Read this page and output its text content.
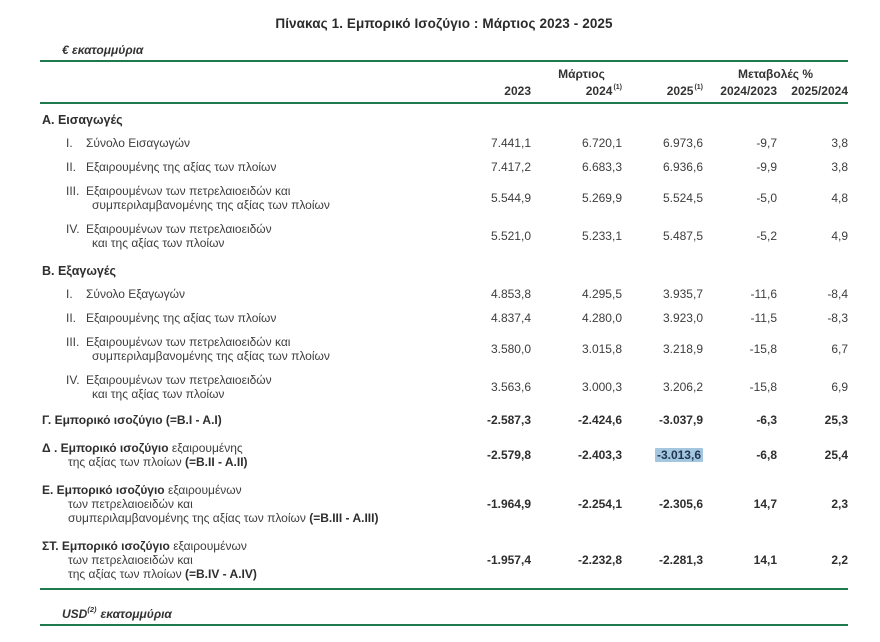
Πίνακας 1. Εμπορικό Ισοζύγιο : Μάρτιος 2023 - 2025
€ εκατομμύρια
Μάρτιος	Μεταβολές %
2023	2024$^{(1)}$	2025$^{(1)}$	2024/2023	2025/2024
Α. Εισαγωγές
I. Σύνολο Εισαγωγών	7.441,1	6.720,1	6.973,6	-9,7	3,8
II. Εξαιρουμένης της αξίας των πλοίων	7.417,2	6.683,3	6.936,6	-9,9	3,8
III. Εξαιρουμένων των πετρελαιοειδών και
συμπεριλαμβανομένης της αξίας των πλοίων	5.544,9	5.269,9	5.524,5	-5,0	4,8
IV. Εξαιρουμένων των πετρελαιοειδών
και της αξίας των πλοίων	5.521,0	5.233,1	5.487,5	-5,2	4,9
Β. Εξαγωγές
I. Σύνολο Εξαγωγών	4.853,8	4.295,5	3.935,7	-11,6	-8,4
II. Εξαιρουμένης της αξίας των πλοίων	4.837,4	4.280,0	3.923,0	-11,5	-8,3
III. Εξαιρουμένων των πετρελαιοειδών και
συμπεριλαμβανομένης της αξίας των πλοίων	3.580,0	3.015,8	3.218,9	-15,8	6,7
IV. Εξαιρουμένων των πετρελαιοειδών
και της αξίας των πλοίων	3.563,6	3.000,3	3.206,2	-15,8	6,9
Γ. Εμπορικό ισοζύγιο (=B.I - A.I)	-2.587,3	-2.424,6	-3.037,9	-6,3	25,3
Δ . Εμπορικό ισοζύγιο εξαιρουμένης
της αξίας των πλοίων (=B.II - A.II)	-2.579,8	-2.403,3	-3.013,6	-6,8	25,4
Ε. Εμπορικό ισοζύγιο εξαιρουμένων
των πετρελαιοειδών και
συμπεριλαμβανομένης της αξίας των πλοίων (=B.III - A.III)
-1.964,9	-2.254,1	-2.305,6	14,7	2,3
ΣΤ. Εμπορικό ισοζύγιο εξαιρουμένων
των πετρελαιοειδών και
της αξίας των πλοίων (=B.IV - A.IV)
-1.957,4	-2.232,8	-2.281,3	14,1	2,2
USD$^{(2)}$ εκατομμύρια
